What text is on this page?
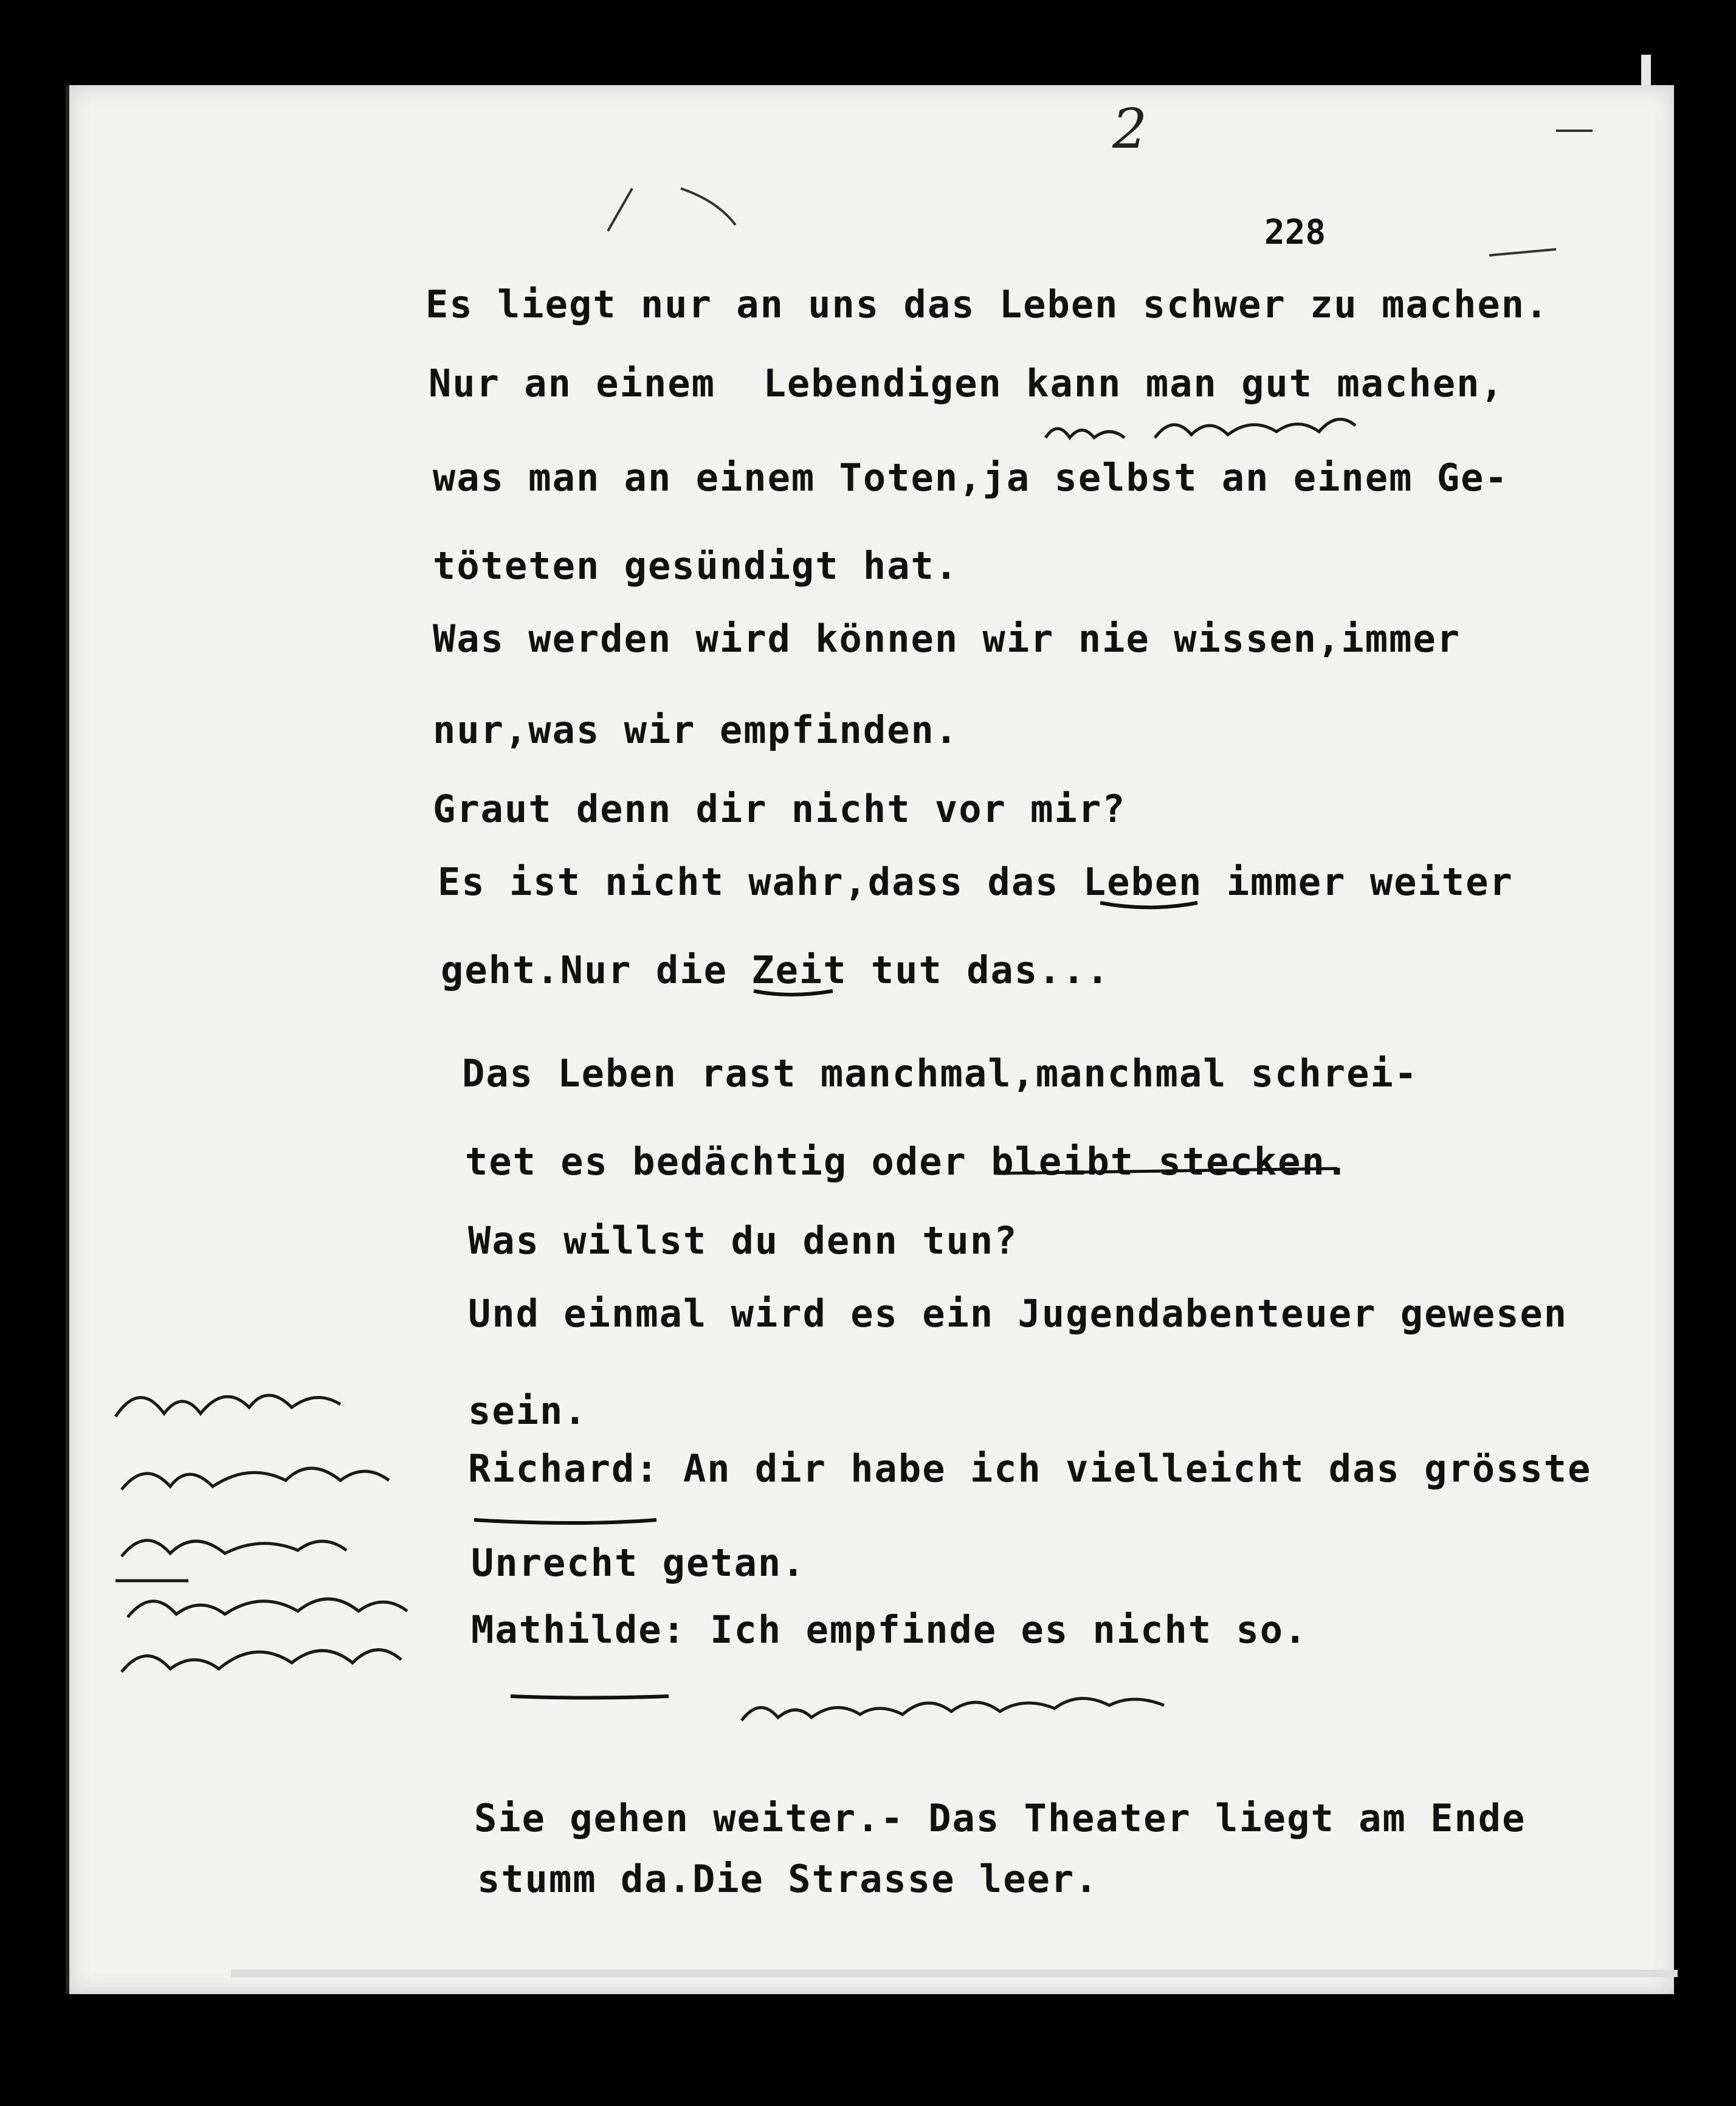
2
228
Es liegt nur an uns das Leben schwer zu machen.
Nur an einem  Lebendigen kann man gut machen,
was man an einem Toten,ja selbst an einem Ge-
töteten gesündigt hat.
Was werden wird können wir nie wissen,immer
nur,was wir empfinden.
Graut denn dir nicht vor mir?
Es ist nicht wahr,dass das Leben immer weiter
geht.Nur die Zeit tut das...
Das Leben rast manchmal,manchmal schrei-
tet es bedächtig oder bleibt stecken.
Was willst du denn tun?
Und einmal wird es ein Jugendabenteuer gewesen
sein.
Richard: An dir habe ich vielleicht das grösste
Unrecht getan.
Mathilde: Ich empfinde es nicht so.
Sie gehen weiter.- Das Theater liegt am Ende
stumm da.Die Strasse leer.
